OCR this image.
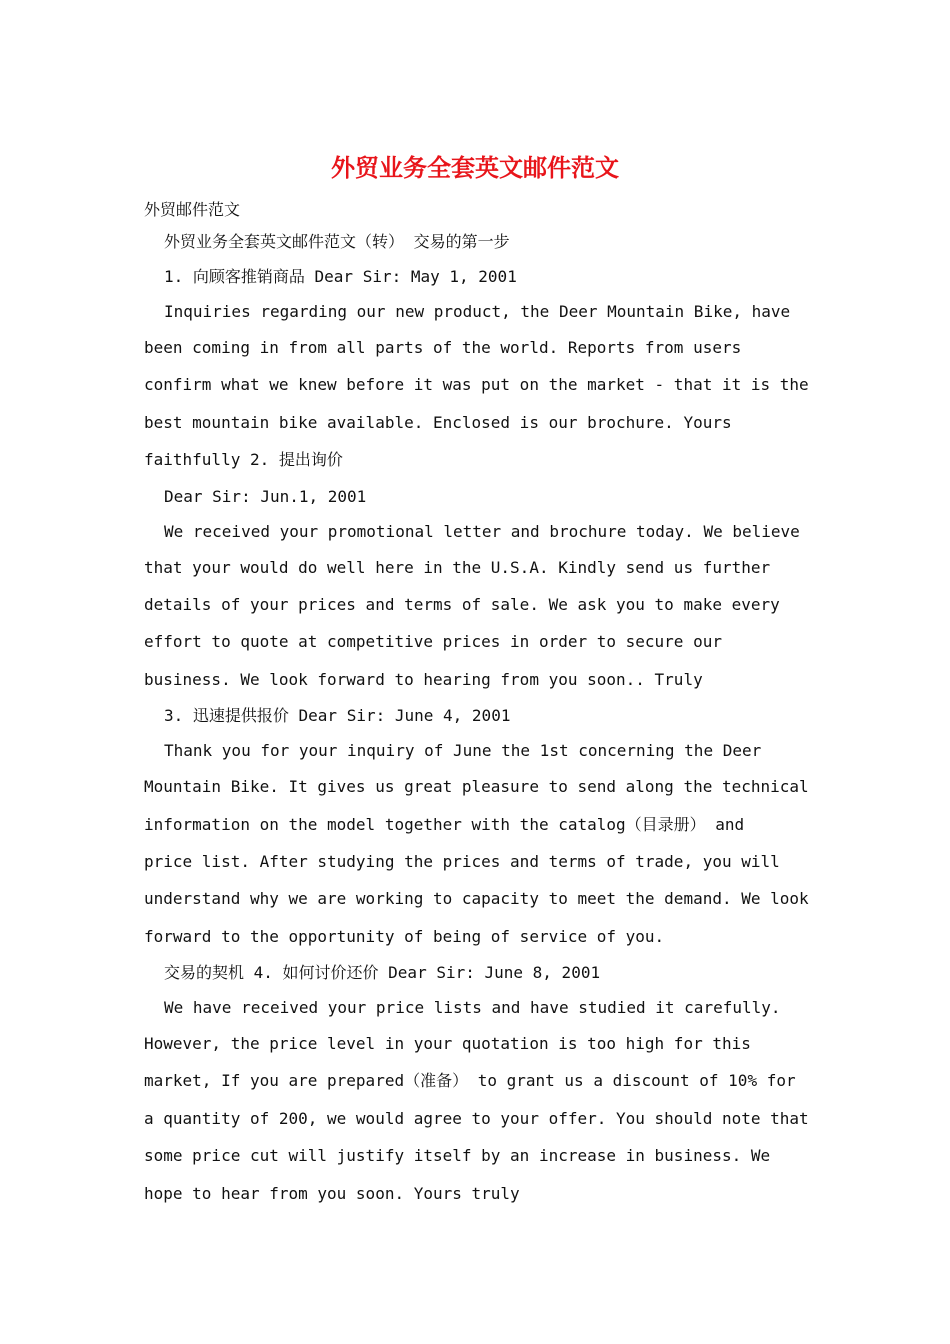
外贸业务全套英文邮件范文
外贸邮件范文
外贸业务全套英文邮件范文（转） 交易的第一步
1. 向顾客推销商品 Dear Sir: May 1, 2001
Inquiries regarding our new product, the Deer Mountain Bike, have
been coming in from all parts of the world. Reports from users
confirm what we knew before it was put on the market - that it is the
best mountain bike available. Enclosed is our brochure. Yours
faithfully 2. 提出询价
Dear Sir: Jun.1, 2001
We received your promotional letter and brochure today. We believe
that your would do well here in the U.S.A. Kindly send us further
details of your prices and terms of sale. We ask you to make every
effort to quote at competitive prices in order to secure our
business. We look forward to hearing from you soon.. Truly
3. 迅速提供报价 Dear Sir: June 4, 2001
Thank you for your inquiry of June the 1st concerning the Deer
Mountain Bike. It gives us great pleasure to send along the technical
information on the model together with the catalog（目录册） and
price list. After studying the prices and terms of trade, you will
understand why we are working to capacity to meet the demand. We look
forward to the opportunity of being of service of you.
交易的契机 4. 如何讨价还价 Dear Sir: June 8, 2001
We have received your price lists and have studied it carefully.
However, the price level in your quotation is too high for this
market, If you are prepared（准备） to grant us a discount of 10% for
a quantity of 200, we would agree to your offer. You should note that
some price cut will justify itself by an increase in business. We
hope to hear from you soon. Yours truly
